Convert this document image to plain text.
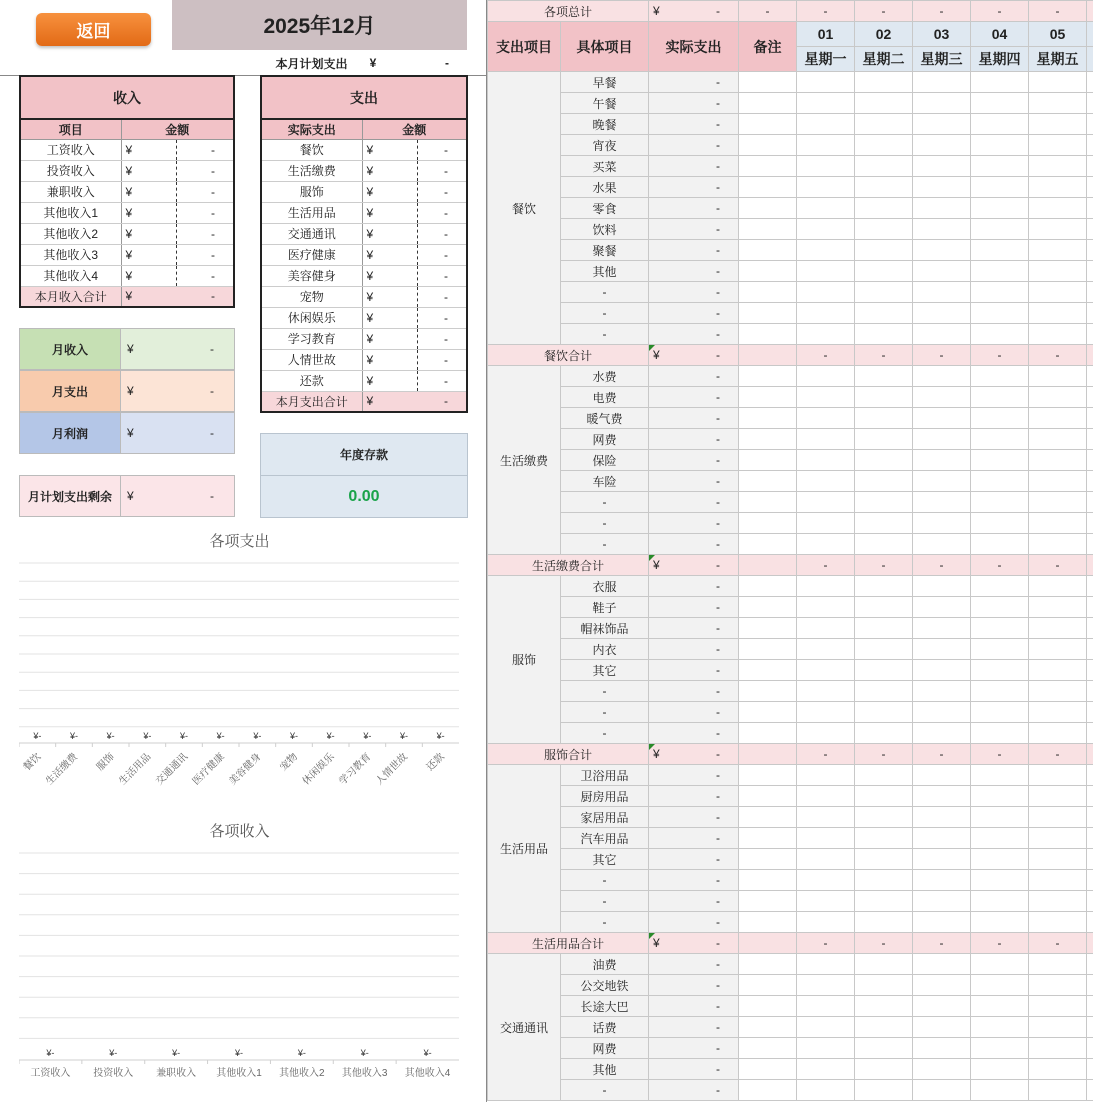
返回	2025年12月
本月计划支出	¥	-
收入		
项目	金额	
工资收入	¥	-
投资收入	¥	-
兼职收入	¥	-
其他收入1	¥	-
其他收入2	¥	-
其他收入3	¥	-
其他收入4	¥	-
本月收入合计	¥	-
支出		
实际支出	金额	
餐饮	¥	-
生活缴费	¥	-
服饰	¥	-
生活用品	¥	-
交通通讯	¥	-
医疗健康	¥	-
美容健身	¥	-
宠物	¥	-
休闲娱乐	¥	-
学习教育	¥	-
人情世故	¥	-
还款	¥	-
本月支出合计	¥	-
月收入	¥	-
月支出	¥	-
月利润	¥	-
月计划支出剩余	¥	-
年度存款
0.00
各项支出
¥-
餐饮
¥-
生活缴费
¥-
服饰
¥-
生活用品
¥-
交通通讯
¥-
医疗健康
¥-
美容健身
¥-
宠物
¥-
休闲娱乐
¥-
学习教育
¥-
人情世故
¥-
还款
各项收入
¥-
工资收入
¥-
投资收入
¥-
兼职收入
¥-
其他收入1
¥-
其他收入2
¥-
其他收入3
¥-
其他收入4
各项总计		¥ -	-	-	-	-	-	-	
支出项目	具体项目	实际支出	备注	01	02	03	04	05	
				星期一	星期二	星期三	星期四	星期五	
餐饮	早餐	-							
	午餐	-							
	晚餐	-							
	宵夜	-							
	买菜	-							
	水果	-							
	零食	-							
	饮料	-							
	聚餐	-							
	其他	-							
	-	-							
	-	-							
	-	-							
餐饮合计		¥ -		-	-	-	-	-	
生活缴费	水费	-							
	电费	-							
	暖气费	-							
	网费	-							
	保险	-							
	车险	-							
	-	-							
	-	-							
	-	-							
生活缴费合计		¥ -		-	-	-	-	-	
服饰	衣服	-							
	鞋子	-							
	帽袜饰品	-							
	内衣	-							
	其它	-							
	-	-							
	-	-							
	-	-							
服饰合计		¥ -		-	-	-	-	-	
生活用品	卫浴用品	-							
	厨房用品	-							
	家居用品	-							
	汽车用品	-							
	其它	-							
	-	-							
	-	-							
	-	-							
生活用品合计		¥ -		-	-	-	-	-	
交通通讯	油费	-							
	公交地铁	-							
	长途大巴	-							
	话费	-							
	网费	-							
	其他	-							
	-	-							
